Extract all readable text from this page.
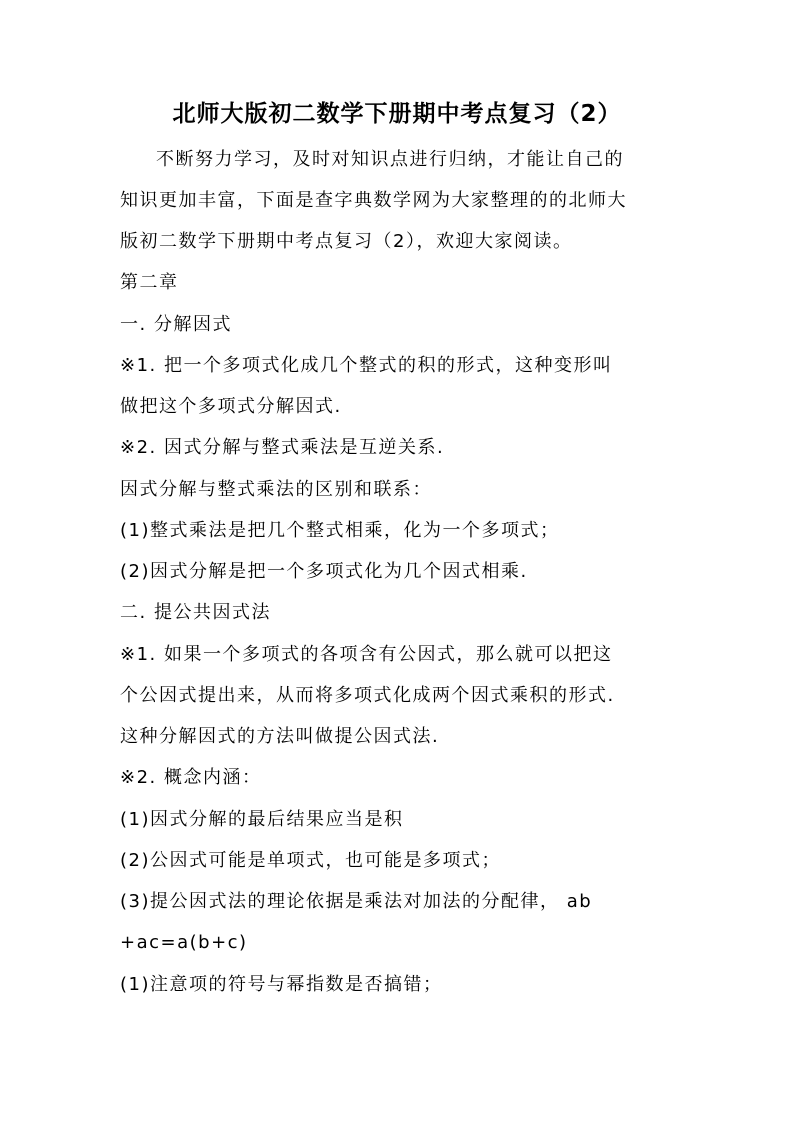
北师大版初二数学下册期中考点复习（2）

不断努力学习，及时对知识点进行归纳，才能让自己的

知识更加丰富，下面是查字典数学网为大家整理的的北师大

版初二数学下册期中考点复习（2），欢迎大家阅读。

第二章

一. 分解因式

※1. 把一个多项式化成几个整式的积的形式，这种变形叫

做把这个多项式分解因式.

※2. 因式分解与整式乘法是互逆关系.

因式分解与整式乘法的区别和联系：

(1)整式乘法是把几个整式相乘，化为一个多项式；

(2)因式分解是把一个多项式化为几个因式相乘.

二. 提公共因式法

※1. 如果一个多项式的各项含有公因式，那么就可以把这

个公因式提出来，从而将多项式化成两个因式乘积的形式.

这种分解因式的方法叫做提公因式法.

※2. 概念内涵：

(1)因式分解的最后结果应当是积

(2)公因式可能是单项式，也可能是多项式；

(3)提公因式法的理论依据是乘法对加法的分配律， ab

+ac=a(b+c)

(1)注意项的符号与幂指数是否搞错；
